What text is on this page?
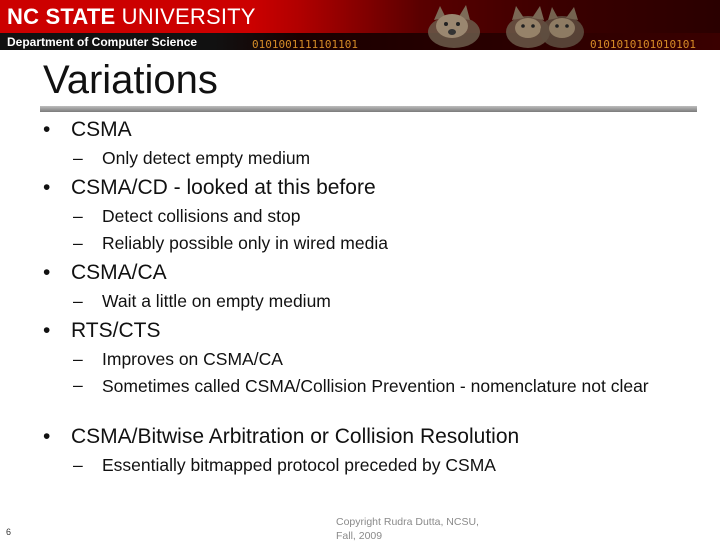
NC STATE UNIVERSITY
Department of Computer Science	0101001111101101	0101010101010101
Variations
• CSMA
– Only detect empty medium
• CSMA/CD - looked at this before
– Detect collisions and stop
– Reliably possible only in wired media
• CSMA/CA
– Wait a little on empty medium
• RTS/CTS
– Improves on CSMA/CA
– Sometimes called CSMA/Collision Prevention - nomenclature not clear
• CSMA/Bitwise Arbitration or Collision Resolution
– Essentially bitmapped protocol preceded by CSMA
6
Copyright Rudra Dutta, NCSU, Fall, 2009
